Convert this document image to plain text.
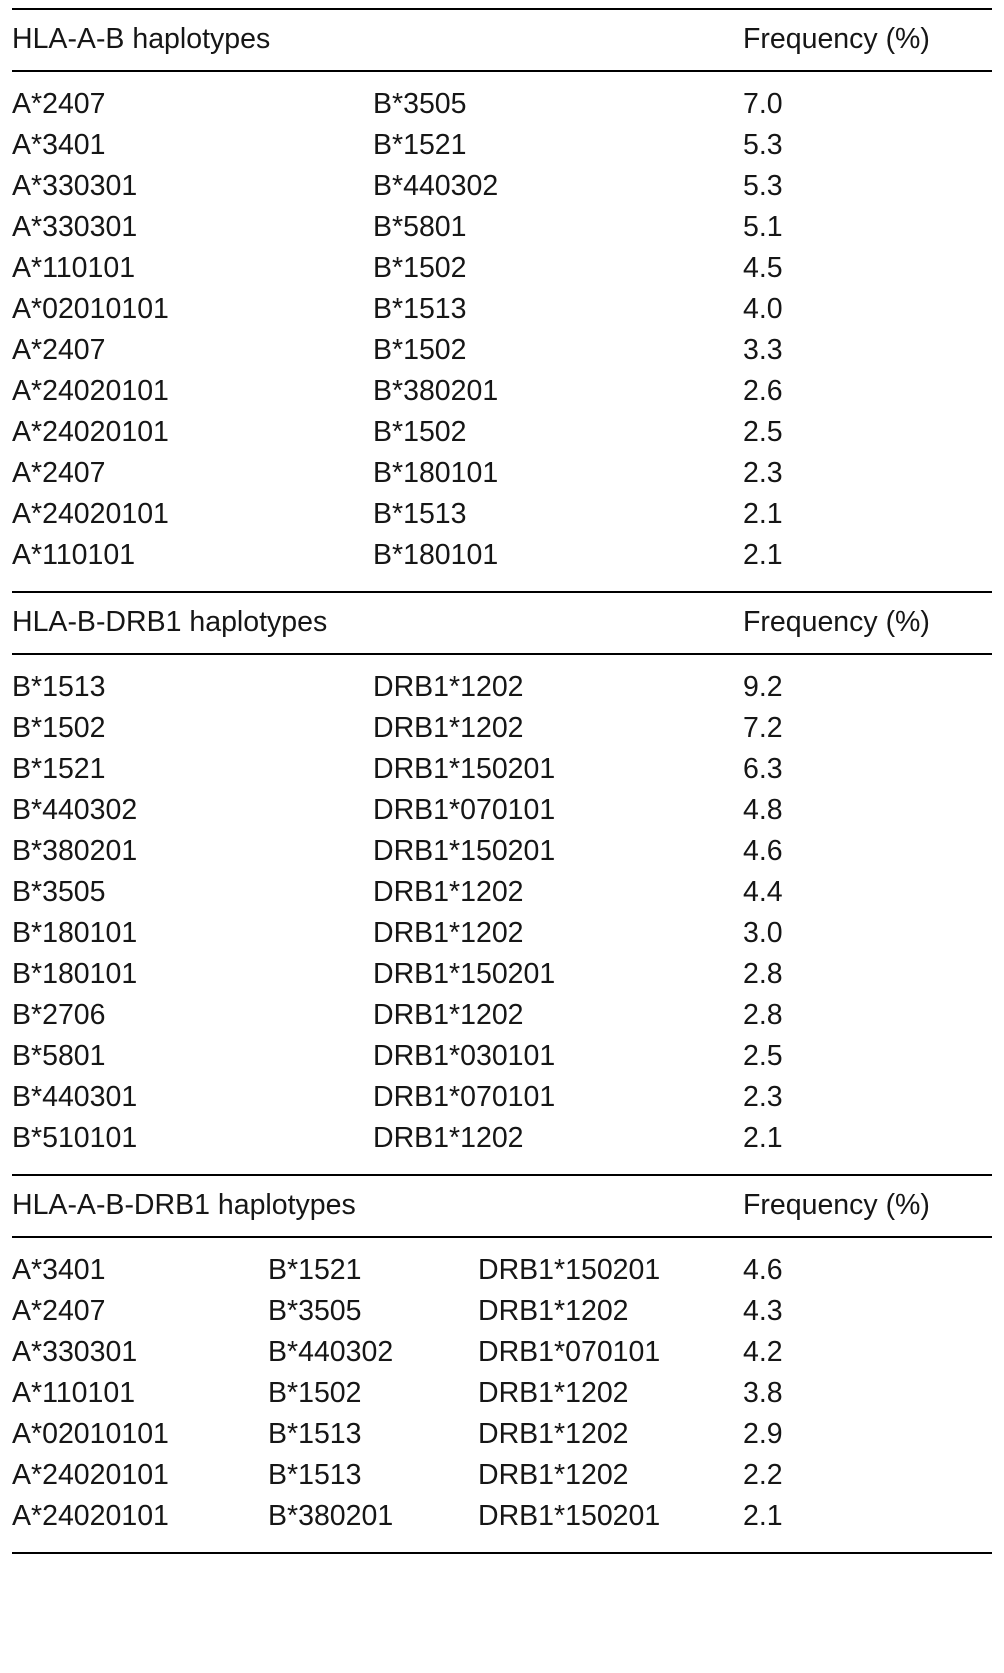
HLA-A-B haplotypes	Frequency (%)
A*2407	B*3505	7.0
A*3401	B*1521	5.3
A*330301	B*440302	5.3
A*330301	B*5801	5.1
A*110101	B*1502	4.5
A*02010101	B*1513	4.0
A*2407	B*1502	3.3
A*24020101	B*380201	2.6
A*24020101	B*1502	2.5
A*2407	B*180101	2.3
A*24020101	B*1513	2.1
A*110101	B*180101	2.1
HLA-B-DRB1 haplotypes	Frequency (%)
B*1513	DRB1*1202	9.2
B*1502	DRB1*1202	7.2
B*1521	DRB1*150201	6.3
B*440302	DRB1*070101	4.8
B*380201	DRB1*150201	4.6
B*3505	DRB1*1202	4.4
B*180101	DRB1*1202	3.0
B*180101	DRB1*150201	2.8
B*2706	DRB1*1202	2.8
B*5801	DRB1*030101	2.5
B*440301	DRB1*070101	2.3
B*510101	DRB1*1202	2.1
HLA-A-B-DRB1 haplotypes	Frequency (%)
A*3401	B*1521	DRB1*150201	4.6
A*2407	B*3505	DRB1*1202	4.3
A*330301	B*440302	DRB1*070101	4.2
A*110101	B*1502	DRB1*1202	3.8
A*02010101	B*1513	DRB1*1202	2.9
A*24020101	B*1513	DRB1*1202	2.2
A*24020101	B*380201	DRB1*150201	2.1
